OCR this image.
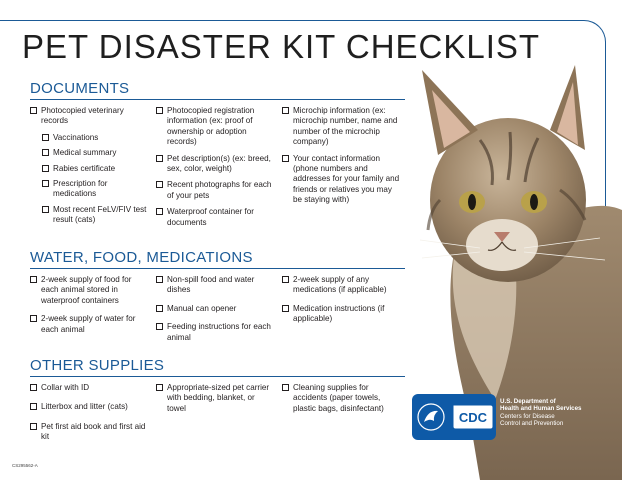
PET DISASTER KIT CHECKLIST
DOCUMENTS
Photocopied veterinary records
Vaccinations
Medical summary
Rabies certificate
Prescription for medications
Most recent FeLV/FIV test result (cats)
Photocopied registration information (ex: proof of ownership or adoption records)
Pet description(s) (ex: breed, sex, color, weight)
Recent photographs for each of your pets
Waterproof container for documents
Microchip information (ex: microchip number, name and number of the microchip company)
Your contact information (phone numbers and addresses for your family and friends or relatives you may be staying with)
WATER, FOOD, MEDICATIONS
2-week supply of food for each animal stored in waterproof containers
2-week supply of water for each animal
Non-spill food and water dishes
Manual can opener
Feeding instructions for each animal
2-week supply of any medications (if applicable)
Medication instructions (if applicable)
OTHER SUPPLIES
Collar with ID
Litterbox and litter (cats)
Pet first aid book and first aid kit
Appropriate-sized pet carrier with bedding, blanket, or towel
Cleaning supplies for accidents (paper towels, plastic bags, disinfectant)
CS295562-A
CDC
U.S. Department of
Health and Human Services
Centers for Disease
Control and Prevention
